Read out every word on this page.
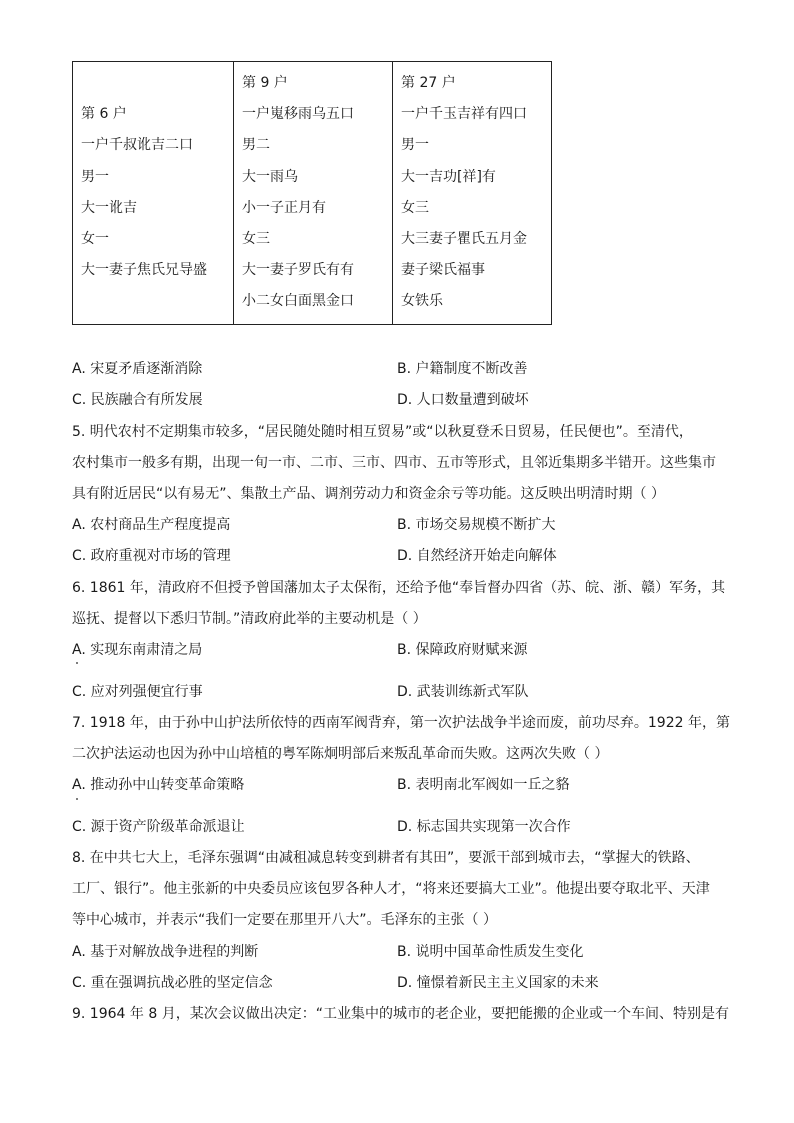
第 6 户
一户千叔讹吉二口
男一
大一讹吉
女一
大一妻子焦氏兄导盛

第 9 户
一户嵬移雨乌五口
男二
大一雨乌
小一子正月有
女三
大一妻子罗氏有有
小二女白面黑金口

第 27 户
一户千玉吉祥有四口
男一
大一吉功[祥]有
女三
大三妻子瞿氏五月金
妻子梁氏福事
女铁乐
A. 宋夏矛盾逐渐消除	B. 户籍制度不断改善
C. 民族融合有所发展	D. 人口数量遭到破坏
5. 明代农村不定期集市较多，“居民随处随时相互贸易”或“以秋夏登禾日贸易，任民便也”。至清代，
农村集市一般多有期，出现一旬一市、二市、三市、四市、五市等形式，且邻近集期多半错开。这些集市
具有附近居民“以有易无”、集散土产品、调剂劳动力和资金余亏等功能。这反映出明清时期（ ）
A. 农村商品生产程度提高	B. 市场交易规模不断扩大
C. 政府重视对市场的管理	D. 自然经济开始走向解体
6. 1861 年，清政府不但授予曾国藩加太子太保衔，还给予他“奉旨督办四省（苏、皖、浙、赣）军务，其
巡抚、提督以下悉归节制。”清政府此举的主要动机是（ ）
A. 实现东南肃清之局	B. 保障政府财赋来源
C. 应对列强便宜行事	D. 武装训练新式军队
7. 1918 年，由于孙中山护法所依恃的西南军阀背弃，第一次护法战争半途而废，前功尽弃。1922 年，第
二次护法运动也因为孙中山培植的粤军陈炯明部后来叛乱革命而失败。这两次失败（ ）
A. 推动孙中山转变革命策略	B. 表明南北军阀如一丘之貉
C. 源于资产阶级革命派退让	D. 标志国共实现第一次合作
8. 在中共七大上，毛泽东强调“由减租减息转变到耕者有其田”，要派干部到城市去，“掌握大的铁路、
工厂、银行”。他主张新的中央委员应该包罗各种人才，“将来还要搞大工业”。他提出要夺取北平、天津
等中心城市，并表示“我们一定要在那里开八大”。毛泽东的主张（ ）
A. 基于对解放战争进程的判断	B. 说明中国革命性质发生变化
C. 重在强调抗战必胜的坚定信念	D. 憧憬着新民主主义国家的未来
9. 1964 年 8 月，某次会议做出决定：“工业集中的城市的老企业，要把能搬的企业或一个车间、特别是有
